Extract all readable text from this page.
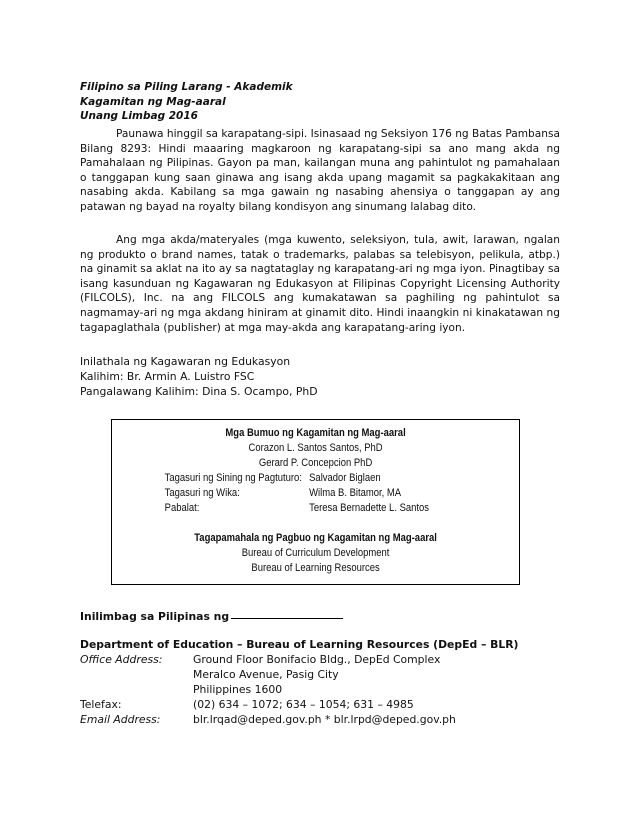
Filipino sa Piling Larang - Akademik
Kagamitan ng Mag-aaral
Unang Limbag 2016

Paunawa hinggil sa karapatang-sipi. Isinasaad ng Seksiyon 176 ng Batas Pambansa Bilang 8293: Hindi maaaring magkaroon ng karapatang-sipi sa ano mang akda ng Pamahalaan ng Pilipinas. Gayon pa man, kailangan muna ang pahintulot ng pamahalaan o tanggapan kung saan ginawa ang isang akda upang magamit sa pagkakakitaan ang nasabing akda. Kabilang sa mga gawain ng nasabing ahensiya o tanggapan ay ang patawan ng bayad na royalty bilang kondisyon ang sinumang lalabag dito.

Ang mga akda/materyales (mga kuwento, seleksiyon, tula, awit, larawan, ngalan ng produkto o brand names, tatak o trademarks, palabas sa telebisyon, pelikula, atbp.) na ginamit sa aklat na ito ay sa nagtataglay ng karapatang-ari ng mga iyon. Pinagtibay sa isang kasunduan ng Kagawaran ng Edukasyon at Filipinas Copyright Licensing Authority (FILCOLS), Inc. na ang FILCOLS ang kumakatawan sa paghiling ng pahintulot sa nagmamay-ari ng mga akdang hiniram at ginamit dito. Hindi inaangkin ni kinakatawan ng tagapaglathala (publisher) at mga may-akda ang karapatang-aring iyon.

Inilathala ng Kagawaran ng Edukasyon
Kalihim: Br. Armin A. Luistro FSC
Pangalawang Kalihim: Dina S. Ocampo, PhD
Mga Bumuo ng Kagamitan ng Mag-aaral
Corazon L. Santos Santos, PhD
Gerard P. Concepcion PhD
Tagasuri ng Sining ng Pagtuturo: Salvador Biglaen
Tagasuri ng Wika:	Wilma B. Bitamor, MA
Pabalat:	Teresa Bernadette L. Santos
Tagapamahala ng Pagbuo ng Kagamitan ng Mag-aaral
Bureau of Curriculum Development
Bureau of Learning Resources
Inilimbag sa Pilipinas ng
Department of Education – Bureau of Learning Resources (DepEd – BLR)
Office Address:	Ground Floor Bonifacio Bldg., DepEd Complex
Meralco Avenue, Pasig City
Philippines 1600
Telefax:	(02) 634 – 1072; 634 – 1054; 631 – 4985
Email Address:	blr.lrqad@deped.gov.ph * blr.lrpd@deped.gov.ph
